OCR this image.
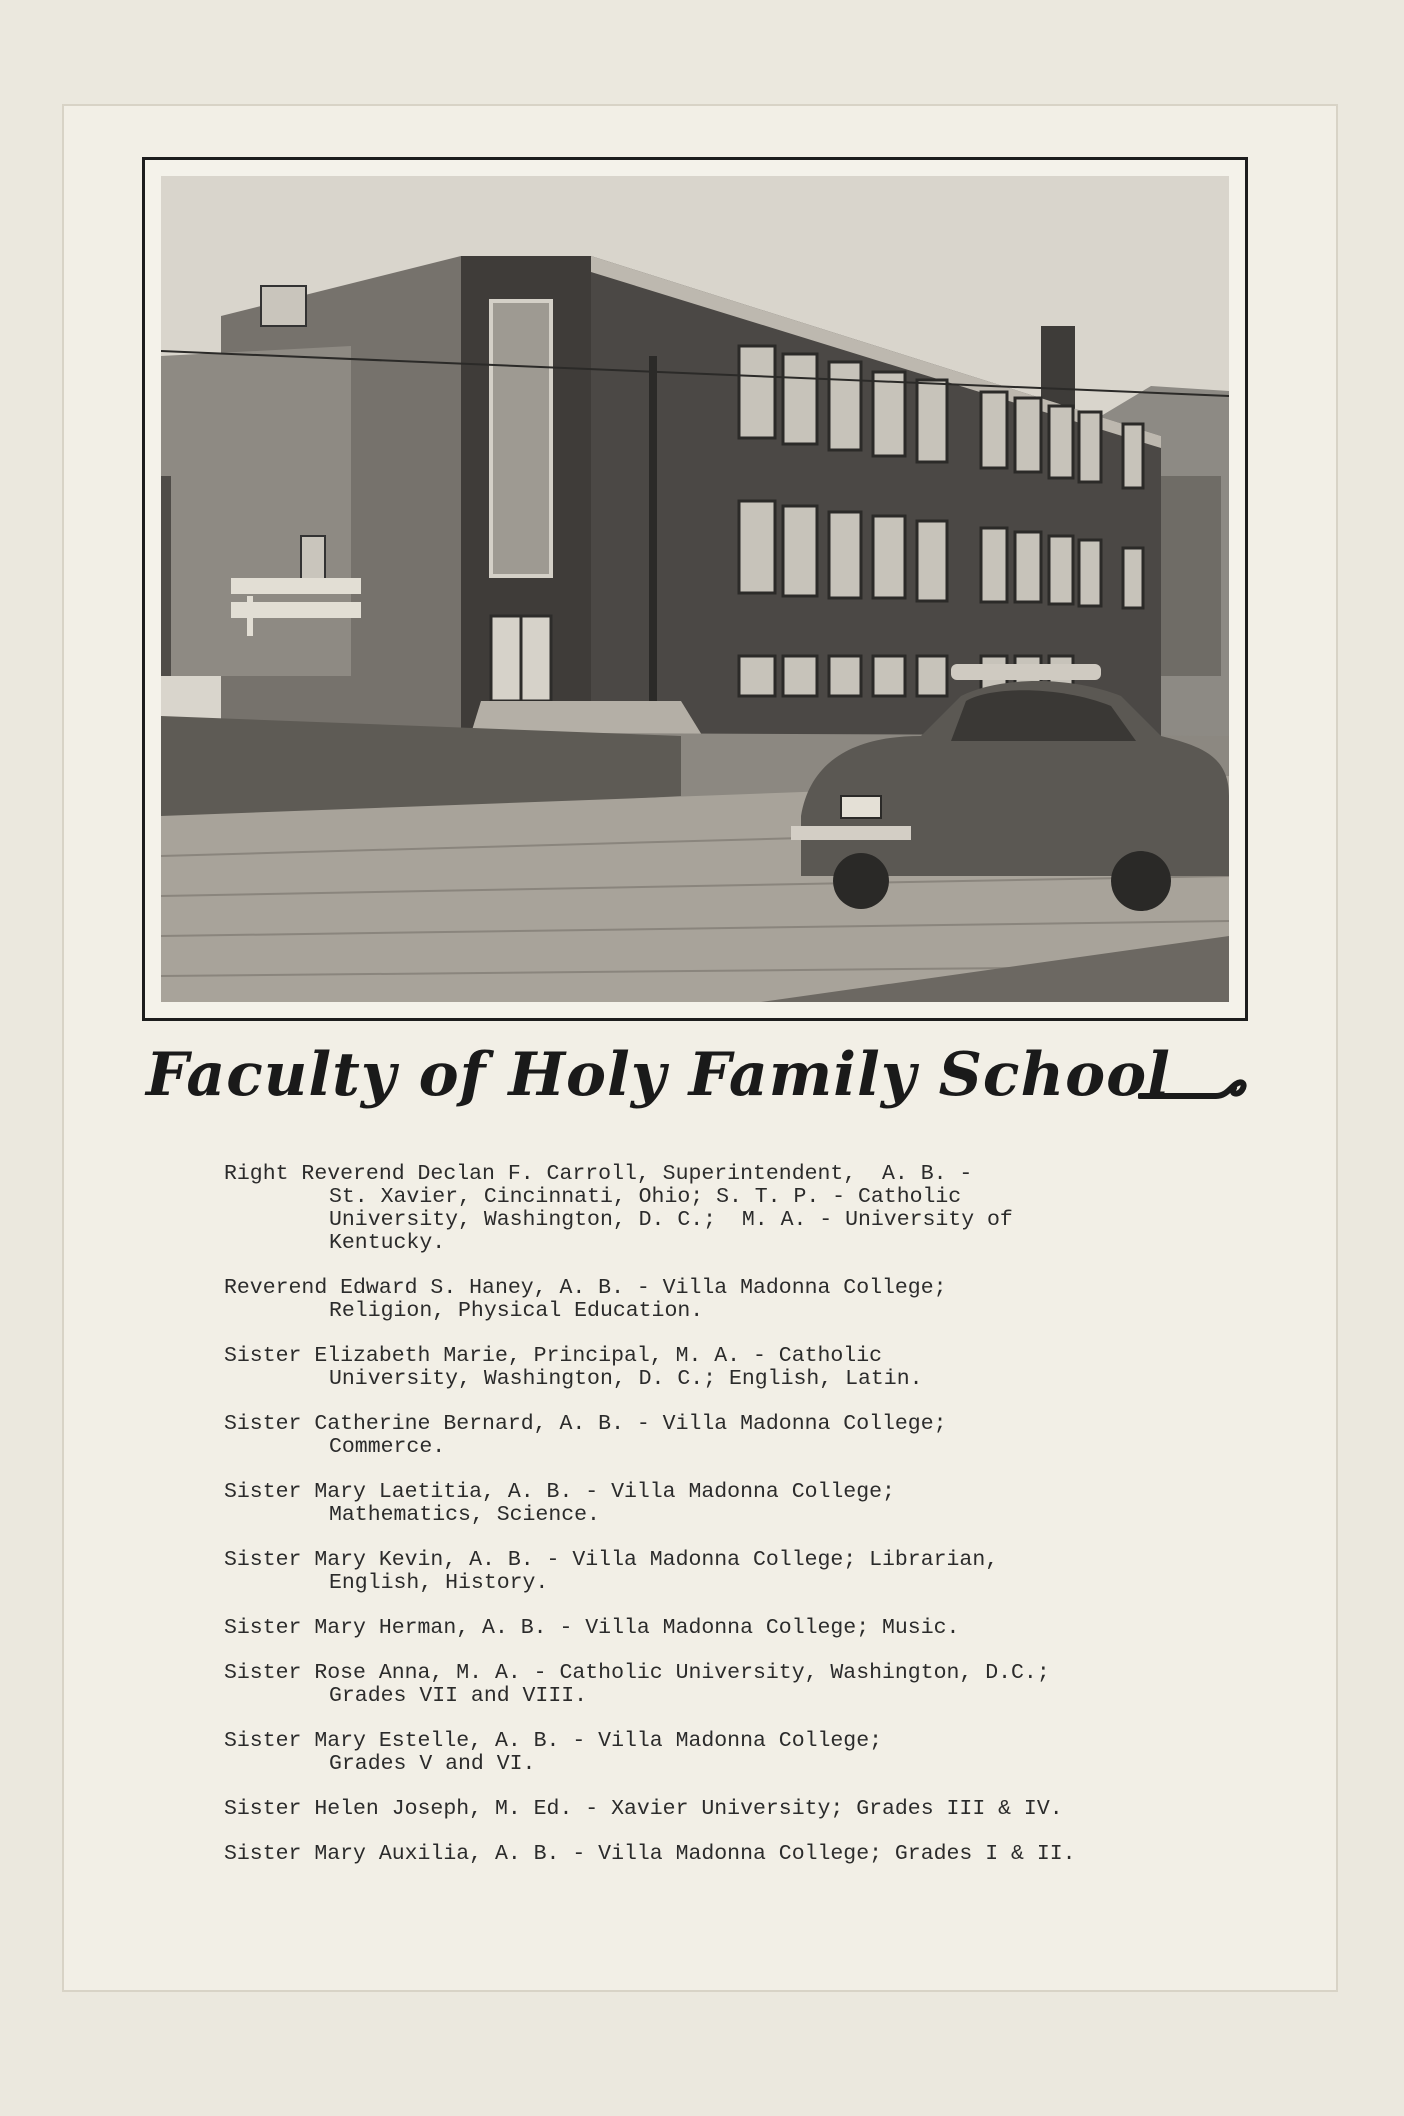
Faculty of Holy Family School
Right Reverend Declan F. Carroll, Superintendent,  A. B. -
St. Xavier, Cincinnati, Ohio; S. T. P. - Catholic
University, Washington, D. C.;  M. A. - University of
Kentucky.
Reverend Edward S. Haney, A. B. - Villa Madonna College;
Religion, Physical Education.
Sister Elizabeth Marie, Principal, M. A. - Catholic
University, Washington, D. C.; English, Latin.
Sister Catherine Bernard, A. B. - Villa Madonna College;
Commerce.
Sister Mary Laetitia, A. B. - Villa Madonna College;
Mathematics, Science.
Sister Mary Kevin, A. B. - Villa Madonna College; Librarian,
English, History.
Sister Mary Herman, A. B. - Villa Madonna College; Music.
Sister Rose Anna, M. A. - Catholic University, Washington, D.C.;
Grades VII and VIII.
Sister Mary Estelle, A. B. - Villa Madonna College;
Grades V and VI.
Sister Helen Joseph, M. Ed. - Xavier University; Grades III & IV.
Sister Mary Auxilia, A. B. - Villa Madonna College; Grades I & II.
